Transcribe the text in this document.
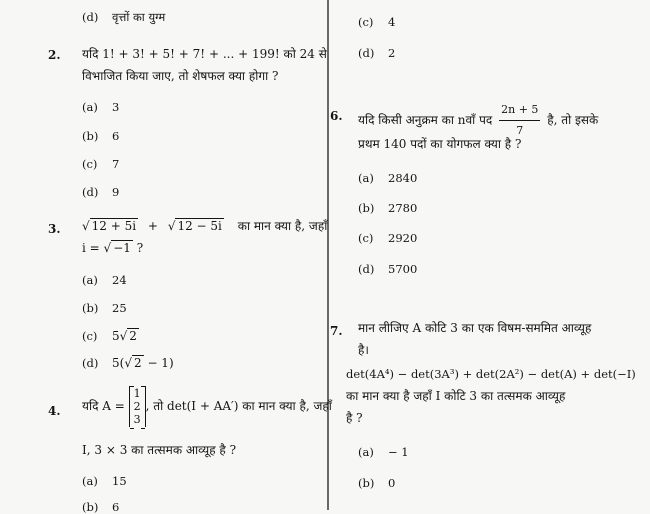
(d) वृत्तों का युग्म
2. यदि 1! + 3! + 5! + 7! + ... + 199! को 24 से
विभाजित किया जाए, तो शेषफल क्या होगा ?
(a) 3
(b) 6
(c) 7
(d) 9
3. √ 12 + 5i + √ 12 − 5i का मान क्या है, जहाँ
i = √ −1 ?
(a) 24
(b) 25
(c) 5√ 2
(d) 5(√ 2 − 1)
4. यदि A =
1
2
3
, तो det(I + AA′) का मान क्या है, जहाँ
I, 3 × 3 का तत्समक आव्यूह है ?
(a) 15
(b) 6
(c) 4
(d) 2
6. यदि किसी अनुक्रम का nवाँ पद $\frac{2n + 5}{7}$ है, तो इसके
प्रथम 140 पदों का योगफल क्या है ?
(a) 2840
(b) 2780
(c) 2920
(d) 5700
7. मान लीजिए A कोटि 3 का एक विषम-सममित आव्यूह
है।
det(4A⁴) − det(3A³) + det(2A²) − det(A) + det(−I)
का मान क्या है जहाँ I कोटि 3 का तत्समक आव्यूह
है ?
(a) − 1
(b) 0
